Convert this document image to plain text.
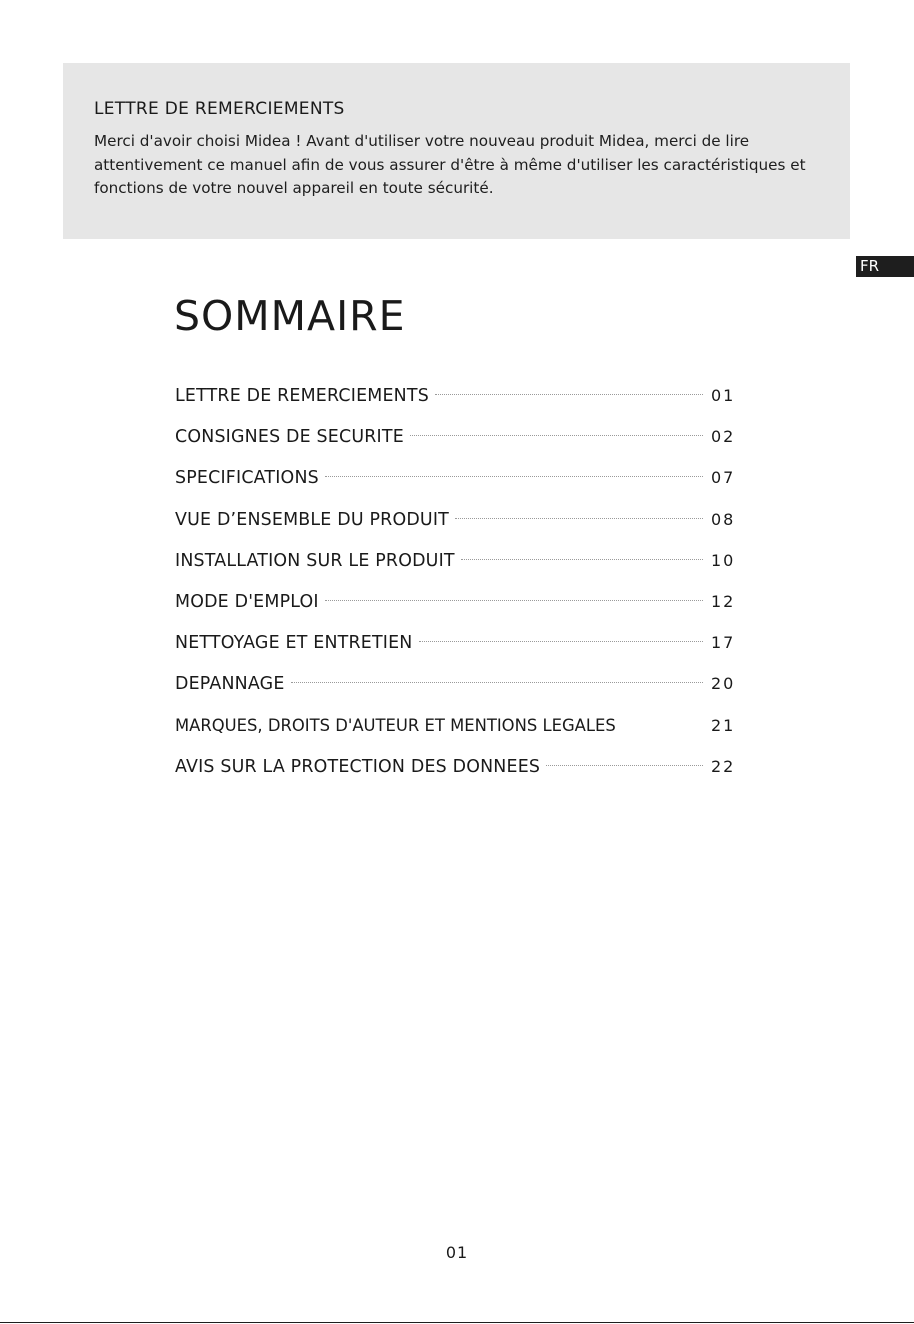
LETTRE DE REMERCIEMENTS

Merci d'avoir choisi Midea ! Avant d'utiliser votre nouveau produit Midea, merci de lire attentivement ce manuel afin de vous assurer d'être à même d'utiliser les caractéristiques et fonctions de votre nouvel appareil en toute sécurité.

FR
SOMMAIRE
LETTRE DE REMERCIEMENTS	01
CONSIGNES DE SECURITE	02
SPECIFICATIONS	07
VUE D’ENSEMBLE DU PRODUIT	08
INSTALLATION SUR LE PRODUIT	10
MODE D'EMPLOI	12
NETTOYAGE ET ENTRETIEN	17
DEPANNAGE	20
MARQUES, DROITS D'AUTEUR ET MENTIONS LEGALES	21
AVIS SUR LA PROTECTION DES DONNEES	22
01
